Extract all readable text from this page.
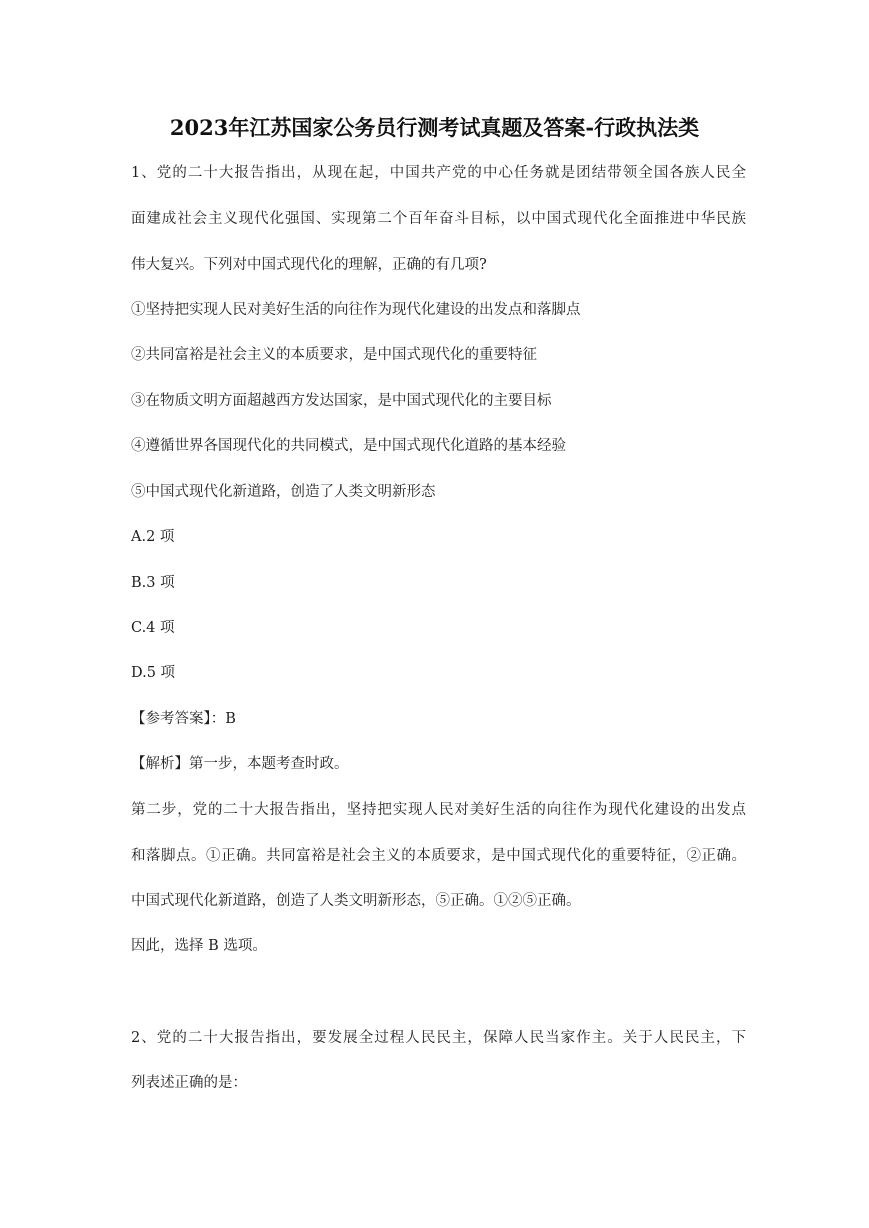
2023年江苏国家公务员行测考试真题及答案-行政执法类
1、党的二十大报告指出，从现在起，中国共产党的中心任务就是团结带领全国各族人民全
面建成社会主义现代化强国、实现第二个百年奋斗目标，以中国式现代化全面推进中华民族
伟大复兴。下列对中国式现代化的理解，正确的有几项?
①坚持把实现人民对美好生活的向往作为现代化建设的出发点和落脚点
②共同富裕是社会主义的本质要求，是中国式现代化的重要特征
③在物质文明方面超越西方发达国家，是中国式现代化的主要目标
④遵循世界各国现代化的共同模式，是中国式现代化道路的基本经验
⑤中国式现代化新道路，创造了人类文明新形态
A.2 项
B.3 项
C.4 项
D.5 项
【参考答案】：B
【解析】第一步，本题考查时政。
第二步，党的二十大报告指出，坚持把实现人民对美好生活的向往作为现代化建设的出发点
和落脚点。①正确。共同富裕是社会主义的本质要求，是中国式现代化的重要特征，②正确。
中国式现代化新道路，创造了人类文明新形态，⑤正确。①②⑤正确。
因此，选择 B 选项。
2、党的二十大报告指出，要发展全过程人民民主，保障人民当家作主。关于人民民主，下
列表述正确的是：
